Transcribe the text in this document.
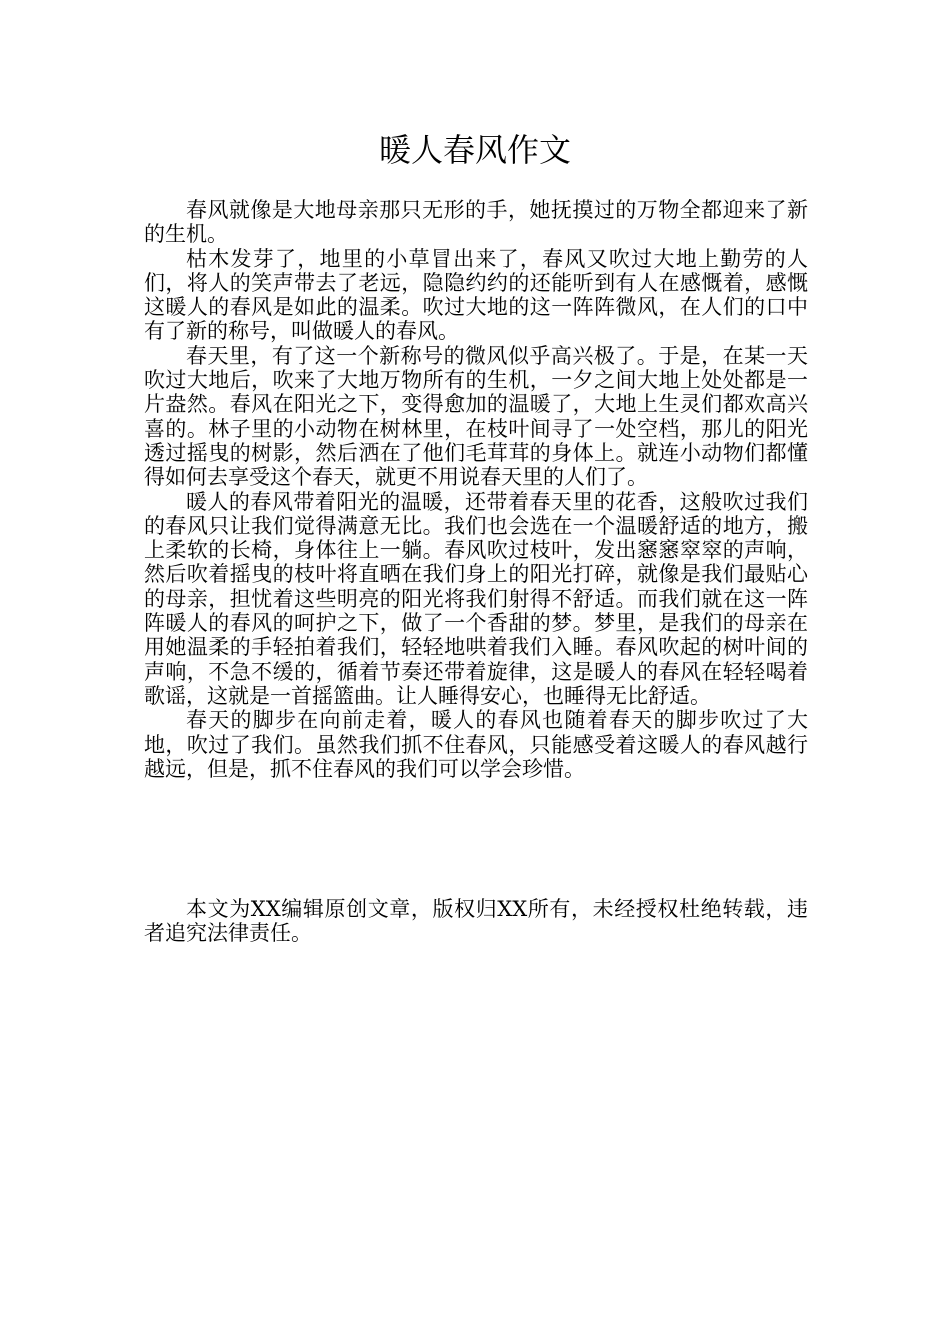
暖人春风作文

春风就像是大地母亲那只无形的手，她抚摸过的万物全都迎来了新的生机。

枯木发芽了，地里的小草冒出来了，春风又吹过大地上勤劳的人们，将人的笑声带去了老远，隐隐约约的还能听到有人在感慨着，感慨这暖人的春风是如此的温柔。吹过大地的这一阵阵微风，在人们的口中有了新的称号，叫做暖人的春风。

春天里，有了这一个新称号的微风似乎高兴极了。于是，在某一天吹过大地后，吹来了大地万物所有的生机，一夕之间大地上处处都是一片盎然。春风在阳光之下，变得愈加的温暖了，大地上生灵们都欢高兴喜的。林子里的小动物在树林里，在枝叶间寻了一处空档，那儿的阳光透过摇曳的树影，然后洒在了他们毛茸茸的身体上。就连小动物们都懂得如何去享受这个春天，就更不用说春天里的人们了。

暖人的春风带着阳光的温暖，还带着春天里的花香，这般吹过我们的春风只让我们觉得满意无比。我们也会选在一个温暖舒适的地方，搬上柔软的长椅，身体往上一躺。春风吹过枝叶，发出窸窸窣窣的声响，然后吹着摇曳的枝叶将直晒在我们身上的阳光打碎，就像是我们最贴心的母亲，担忧着这些明亮的阳光将我们射得不舒适。而我们就在这一阵阵暖人的春风的呵护之下，做了一个香甜的梦。梦里，是我们的母亲在用她温柔的手轻拍着我们，轻轻地哄着我们入睡。春风吹起的树叶间的声响，不急不缓的，循着节奏还带着旋律，这是暖人的春风在轻轻喝着歌谣，这就是一首摇篮曲。让人睡得安心，也睡得无比舒适。

春天的脚步在向前走着，暖人的春风也随着春天的脚步吹过了大地，吹过了我们。虽然我们抓不住春风，只能感受着这暖人的春风越行越远，但是，抓不住春风的我们可以学会珍惜。

本文为XX编辑原创文章，版权归XX所有，未经授权杜绝转载，违者追究法律责任。
